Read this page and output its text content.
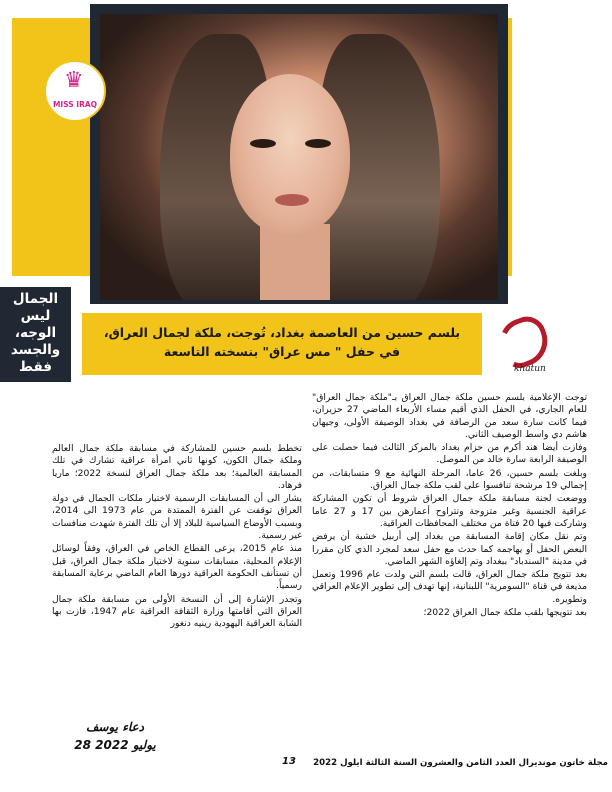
♛
MISS IRAQ
الجمال
ليس
الوجه،
والجسد
فقط
بلسم حسين من العاصمة بغداد، تُوجت، ملكة لجمال العراق، في حفل " مس عراق" بنسخته التاسعة
khatun

توجت الإعلامية بلسم حسين ملكة جمال العراق بـ"ملكة جمال العراق" للعام الجاري، في الحفل الذي أقيم مساء الأربعاء الماضي 27 حزيران، فيما كانت سارة سعد من الرصافة في بغداد الوصيفة الأولى، وجيهان هاشم دي واسط الوصيف الثاني.

وفازت أيضا هند أكرم من حزام بغداد بالمركز الثالث فيما حصلت على الوصيفة الرابعة سارة خالد من الموصل.

وبلغت بلسم حسين، 26 عاما، المرحلة النهائية مع 9 متسابقات، من إجمالي 19 مرشحة تنافسوا على لقب ملكة جمال العراق.

ووضعت لجنة مسابقة ملكة جمال العراق شروط أن تكون المشاركة عراقية الجنسية وغير متزوجة وتتراوح أعمارهن بين 17 و 27 عاما وشاركت فيها 20 فتاة من مختلف المحافظات العراقية.

وتم نقل مكان إقامة المسابقة من بغداد إلى أربيل خشية أن يرفض البعض الحفل أو يهاجمه كما حدث مع حفل سعد لمجرد الذي كان مقررا في مدينة "السندباد" ببغداد وتم إلغاؤه الشهر الماضي.

بعد تتويج ملكة جمال العراق، قالت بلسم التي ولدت عام 1996 وتعمل مذيعة في قناة "السومرية" اللبنانية، إنها تهدف إلى تطوير الإعلام العراقي وتطويره.

بعد تتويجها بلقب ملكة جمال العراق 2022؛

تخطط بلسم حسين للمشاركة في مسابقة ملكة جمال العالم وملكة جمال الكون، كونها ثاني امرأة عراقية تشارك في تلك المسابقة العالمية؛ بعد ملكة جمال العراق لنسخة 2022؛ ماريا فرهاد.

يشار الى أن المسابقات الرسمية لاختيار ملكات الجمال في دولة العراق توقفت عن الفترة الممتدة من عام 1973 الى 2014، وبسبب الأوضاع السياسية للبلاد إلا أن تلك الفترة شهدت منافسات غير رسمية.

منذ عام 2015، يرعى القطاع الخاص في العراق، وفقاً لوسائل الإعلام المحلية، مسابقات سنوية لاختيار ملكة جمال العراق، قبل أن تستأنف الحكومة العراقية دورها العام الماضي برعاية المسابقة رسمياً.

وتجدر الإشارة إلى أن النسخة الأولى من مسابقة ملكة جمال العراق التي أقامتها وزارة الثقافة العراقية عام 1947، فازت بها الشابة العراقية اليهودية رينيه دنغور

دعاء يوسف
28 يوليو 2022
13	مجلة خاتون مونديرال العدد الثامن والعشرون السنة الثالثة ايلول 2022
